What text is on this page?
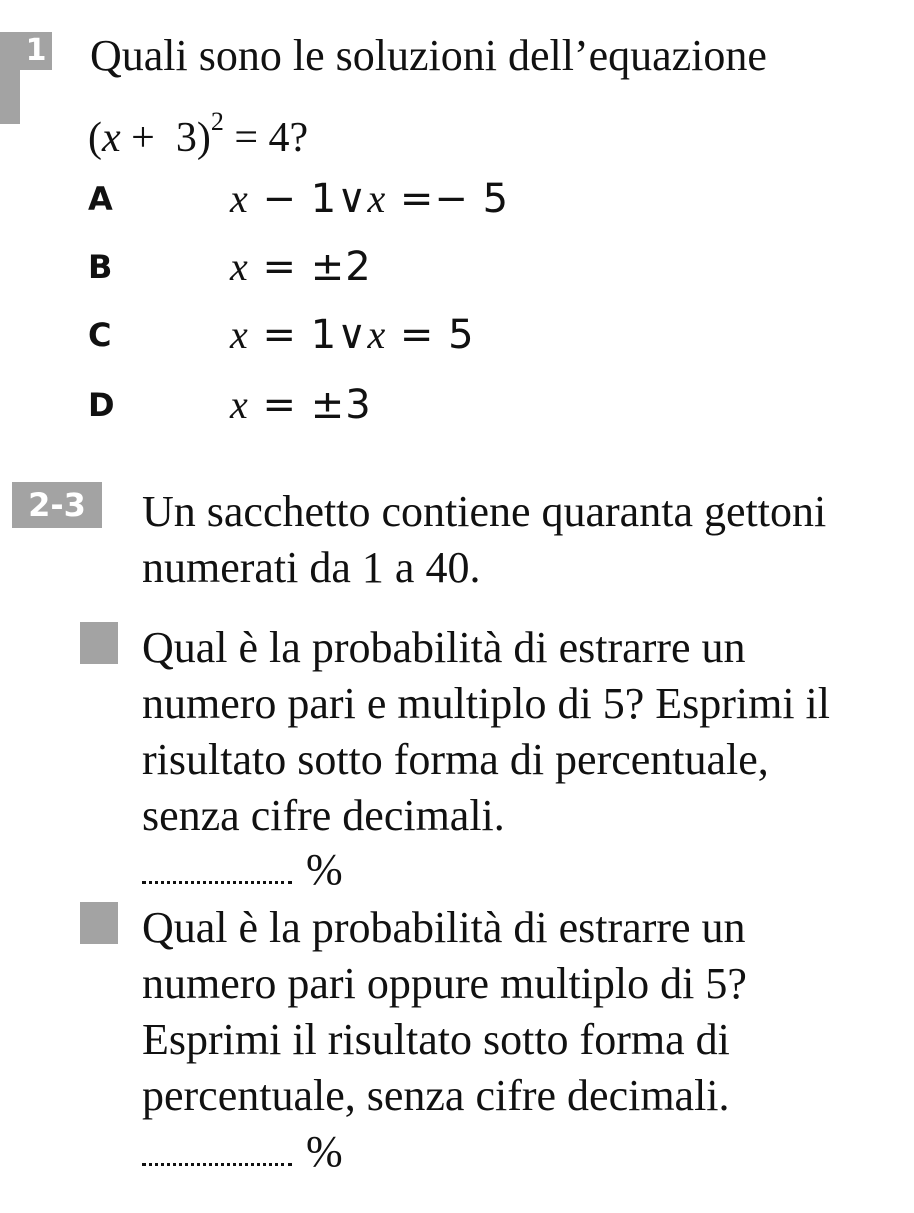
1 Quali sono le soluzioni dell’equazione
$(x + 3)^2 = 4$?
A	x − 1∨x =− 5
B	x = ±2
C	x = 1∨x = 5
D	x = ±3
2-3	Un sacchetto contiene quaranta gettoni
numerati da 1 a 40.
Qual è la probabilità di estrarre un
numero pari e multiplo di 5? Esprimi il
risultato sotto forma di percentuale,
senza cifre decimali.
%
Qual è la probabilità di estrarre un
numero pari oppure multiplo di 5?
Esprimi il risultato sotto forma di
percentuale, senza cifre decimali.
%
